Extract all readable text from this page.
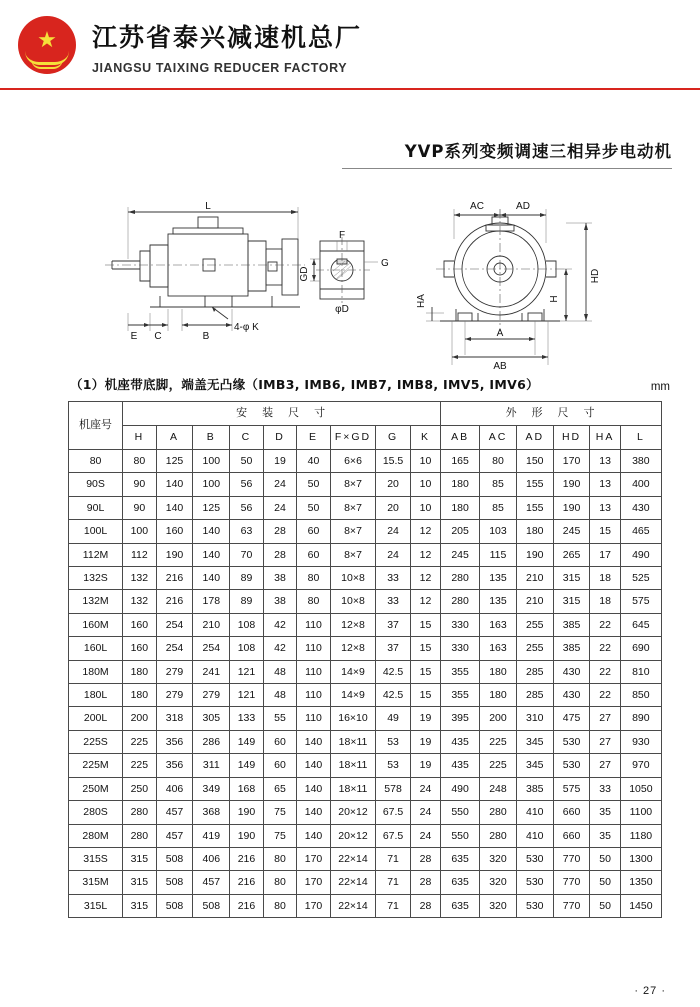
★ 江苏省泰兴减速机总厂
JIANGSU TAIXING REDUCER FACTORY
YVP系列变频调速三相异步电动机
L
E C	B
4-φ K
GD
F
G
φD
AC	AD
HD
HA	H
A
AB
（1）机座带底脚，端盖无凸缘（IMB3, IMB6, IMB7, IMB8, IMV5, IMV6）	mm
机座号	安　装　尺　寸									外　形　尺　寸					
	H	A	B	C	D	E	F×GD	G	K	AB	AC	AD	HD	HA	L
80	80	125	100	50	19	40	6×6	15.5	10	165	80	150	170	13	380
90S	90	140	100	56	24	50	8×7	20	10	180	85	155	190	13	400
90L	90	140	125	56	24	50	8×7	20	10	180	85	155	190	13	430
100L	100	160	140	63	28	60	8×7	24	12	205	103	180	245	15	465
112M	112	190	140	70	28	60	8×7	24	12	245	115	190	265	17	490
132S	132	216	140	89	38	80	10×8	33	12	280	135	210	315	18	525
132M	132	216	178	89	38	80	10×8	33	12	280	135	210	315	18	575
160M	160	254	210	108	42	110	12×8	37	15	330	163	255	385	22	645
160L	160	254	254	108	42	110	12×8	37	15	330	163	255	385	22	690
180M	180	279	241	121	48	110	14×9	42.5	15	355	180	285	430	22	810
180L	180	279	279	121	48	110	14×9	42.5	15	355	180	285	430	22	850
200L	200	318	305	133	55	110	16×10	49	19	395	200	310	475	27	890
225S	225	356	286	149	60	140	18×11	53	19	435	225	345	530	27	930
225M	225	356	311	149	60	140	18×11	53	19	435	225	345	530	27	970
250M	250	406	349	168	65	140	18×11	578	24	490	248	385	575	33	1050
280S	280	457	368	190	75	140	20×12	67.5	24	550	280	410	660	35	1100
280M	280	457	419	190	75	140	20×12	67.5	24	550	280	410	660	35	1180
315S	315	508	406	216	80	170	22×14	71	28	635	320	530	770	50	1300
315M	315	508	457	216	80	170	22×14	71	28	635	320	530	770	50	1350
315L	315	508	508	216	80	170	22×14	71	28	635	320	530	770	50	1450
· 27 ·
